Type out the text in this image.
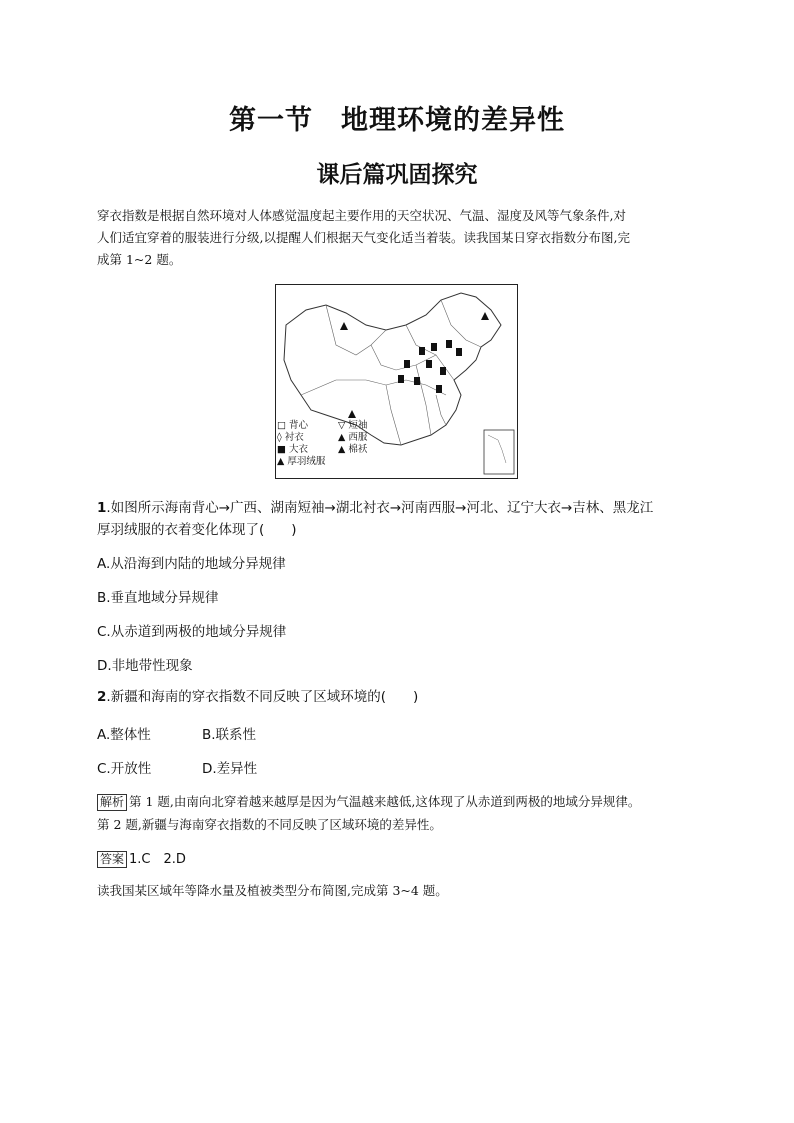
第一节　地理环境的差异性
课后篇巩固探究
穿衣指数是根据自然环境对人体感觉温度起主要作用的天空状况、气温、湿度及风等气象条件,对
人们适宜穿着的服装进行分级,以提醒人们根据天气变化适当着装。读我国某日穿衣指数分布图,完
成第 1~2 题。
□ 背心	▽ 短袖
◊ 衬衣	▲ 西服
■ 大衣	▲ 棉袄
▲ 厚羽绒服
1.如图所示海南背心→广西、湖南短袖→湖北衬衣→河南西服→河北、辽宁大衣→吉林、黑龙江
厚羽绒服的衣着变化体现了(　　)
A.从沿海到内陆的地域分异规律
B.垂直地域分异规律
C.从赤道到两极的地域分异规律
D.非地带性现象
2.新疆和海南的穿衣指数不同反映了区域环境的(　　)
A.整体性	B.联系性
C.开放性	D.差异性
解析 第 1 题,由南向北穿着越来越厚是因为气温越来越低,这体现了从赤道到两极的地域分异规律。
第 2 题,新疆与海南穿衣指数的不同反映了区域环境的差异性。
答案 1.C　2.D
读我国某区域年等降水量及植被类型分布简图,完成第 3~4 题。
